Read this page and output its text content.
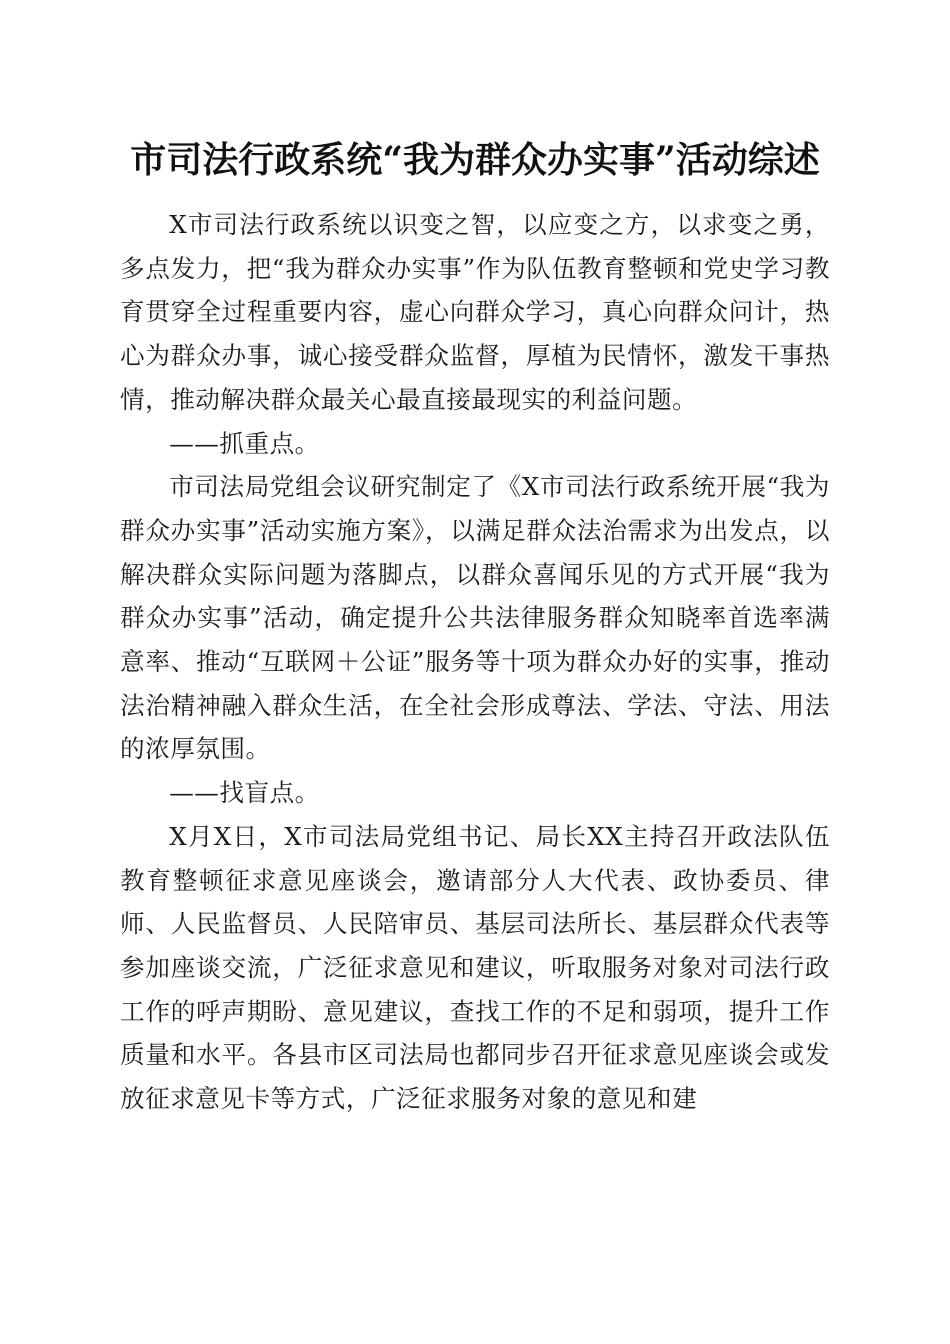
市司法行政系统“我为群众办实事”活动综述

X市司法行政系统以识变之智，以应变之方，以求变之勇，多点发力，把“我为群众办实事”作为队伍教育整顿和党史学习教育贯穿全过程重要内容，虚心向群众学习，真心向群众问计，热心为群众办事，诚心接受群众监督，厚植为民情怀，激发干事热情，推动解决群众最关心最直接最现实的利益问题。

——抓重点。

市司法局党组会议研究制定了《X市司法行政系统开展“我为群众办实事”活动实施方案》，以满足群众法治需求为出发点，以解决群众实际问题为落脚点，以群众喜闻乐见的方式开展“我为群众办实事”活动，确定提升公共法律服务群众知晓率首选率满意率、推动“互联网＋公证”服务等十项为群众办好的实事，推动法治精神融入群众生活，在全社会形成尊法、学法、守法、用法的浓厚氛围。

——找盲点。

X月X日，X市司法局党组书记、局长XX主持召开政法队伍教育整顿征求意见座谈会，邀请部分人大代表、政协委员、律师、人民监督员、人民陪审员、基层司法所长、基层群众代表等参加座谈交流，广泛征求意见和建议，听取服务对象对司法行政工作的呼声期盼、意见建议，查找工作的不足和弱项，提升工作质量和水平。各县市区司法局也都同步召开征求意见座谈会或发放征求意见卡等方式，广泛征求服务对象的意见和建
